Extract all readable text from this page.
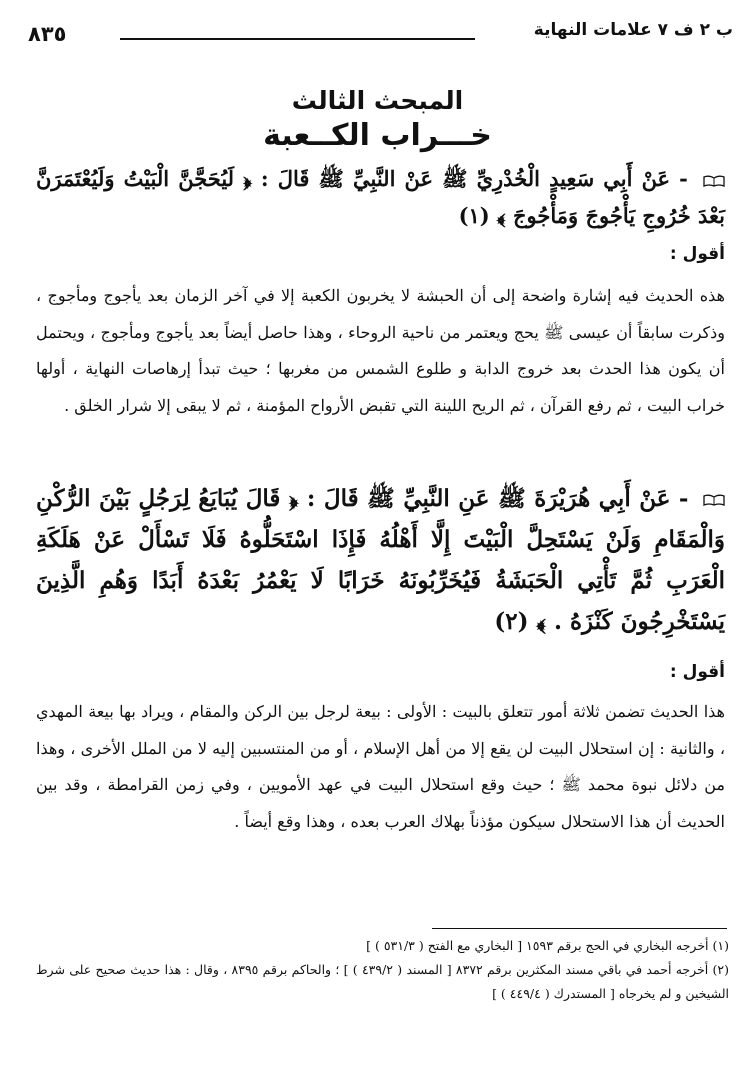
ب ٢ ف ٧ علامات النهاية
٨٣٥
المبحث الثالث
خـــراب الكــعبة
- عَنْ أَبِي سَعِيدٍ الْخُدْرِيِّ ﷺ عَنْ النَّبِيِّ ﷺ قَالَ : ﴿ لَيُحَجَّنَّ الْبَيْتُ وَلَيُعْتَمَرَنَّ بَعْدَ خُرُوجِ يَأْجُوجَ وَمَأْجُوجَ ﴾ (١)
أقول :
هذه الحديث فيه إشارة واضحة إلى أن الحبشة لا يخربون الكعبة إلا في آخر الزمان بعد يأجوج ومأجوج ، وذكرت سابقاً أن عيسى ﷺ يحج ويعتمر من ناحية الروحاء ، وهذا حاصل أيضاً بعد يأجوج ومأجوج ، ويحتمل أن يكون هذا الحدث بعد خروج الدابة و طلوع الشمس من مغربها ؛ حيث تبدأ إرهاصات النهاية ، أولها خراب البيت ، ثم رفع القرآن ، ثم الريح اللينة التي تقبض الأرواح المؤمنة ، ثم لا يبقى إلا شرار الخلق .
- عَنْ أَبِي هُرَيْرَةَ ﷺ عَنِ النَّبِيِّ ﷺ قَالَ : ﴿ قَالَ يُبَايَعُ لِرَجُلٍ بَيْنَ الرُّكْنِ وَالْمَقَامِ وَلَنْ يَسْتَحِلَّ الْبَيْتَ إِلَّا أَهْلُهُ فَإِذَا اسْتَحَلُّوهُ فَلَا تَسْأَلْ عَنْ هَلَكَةِ الْعَرَبِ ثُمَّ تَأْتِي الْحَبَشَةُ فَيُخَرِّبُونَهُ خَرَابًا لَا يَعْمُرُ بَعْدَهُ أَبَدًا وَهُمِ الَّذِينَ يَسْتَخْرِجُونَ كَنْزَهُ . ﴾ (٢)
أقول :
هذا الحديث تضمن ثلاثة أمور تتعلق بالبيت : الأولى : بيعة لرجل بين الركن والمقام ، ويراد بها بيعة المهدي ، والثانية : إن استحلال البيت لن يقع إلا من أهل الإسلام ، أو من المنتسبين إليه لا من الملل الأخرى ، وهذا من دلائل نبوة محمد ﷺ ؛ حيث وقع استحلال البيت في عهد الأمويين ، وفي زمن القرامطة ، وقد بين الحديث أن هذا الاستحلال سيكون مؤذناً بهلاك العرب بعده ، وهذا وقع أيضاً .

(١) أخرجه البخاري في الحج برقم ١٥٩٣ [ البخاري مع الفتح ( ٥٣١/٣ ) ]

(٢) أخرجه أحمد في باقي مسند المكثرين برقم ٨٣٧٢ [ المسند ( ٤٣٩/٢ ) ] ؛ والحاكم برقم ٨٣٩٥ ، وقال : هذا حديث صحيح على شرط الشيخين و لم يخرجاه [ المستدرك ( ٤٤٩/٤ ) ]
